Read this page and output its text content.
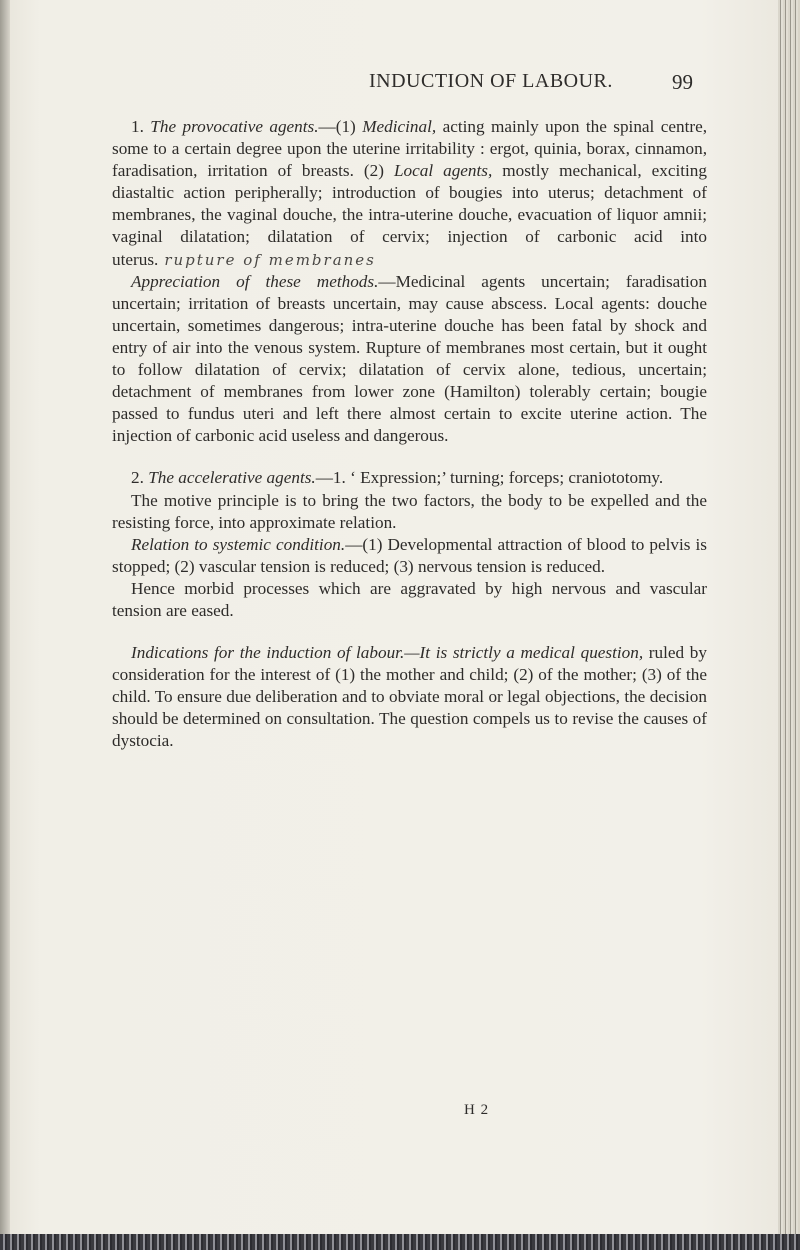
INDUCTION OF LABOUR.	99

1. The provocative agents.—(1) Medicinal, acting mainly upon the spinal centre, some to a certain degree upon the uterine irritability : ergot, quinia, borax, cinnamon, faradisation, irritation of breasts. (2) Local agents, mostly mechanical, exciting diastaltic action peripherally; introduction of bougies into uterus; detachment of membranes, the vaginal douche, the intra-uterine douche, evacuation of liquor amnii; vaginal dilatation; dilatation of cervix; injection of carbonic acid into uterus. rupture of membranes

Appreciation of these methods.—Medicinal agents uncertain; faradisation uncertain; irritation of breasts uncertain, may cause abscess. Local agents: douche uncertain, sometimes dangerous; intra-uterine douche has been fatal by shock and entry of air into the venous system. Rupture of membranes most certain, but it ought to follow dilatation of cervix; dilatation of cervix alone, tedious, uncertain; detachment of membranes from lower zone (Hamilton) tolerably certain; bougie passed to fundus uteri and left there almost certain to excite uterine action. The injection of carbonic acid useless and dangerous.

2. The accelerative agents.—1. ‘ Expression;’ turning; forceps; craniototomy.

The motive principle is to bring the two factors, the body to be expelled and the resisting force, into approximate relation.

Relation to systemic condition.—(1) Developmental attraction of blood to pelvis is stopped; (2) vascular tension is reduced; (3) nervous tension is reduced.

Hence morbid processes which are aggravated by high nervous and vascular tension are eased.

Indications for the induction of labour.—It is strictly a medical question, ruled by consideration for the interest of (1) the mother and child; (2) of the mother; (3) of the child. To ensure due deliberation and to obviate moral or legal objections, the decision should be determined on consultation. The question compels us to revise the causes of dystocia.

H 2
